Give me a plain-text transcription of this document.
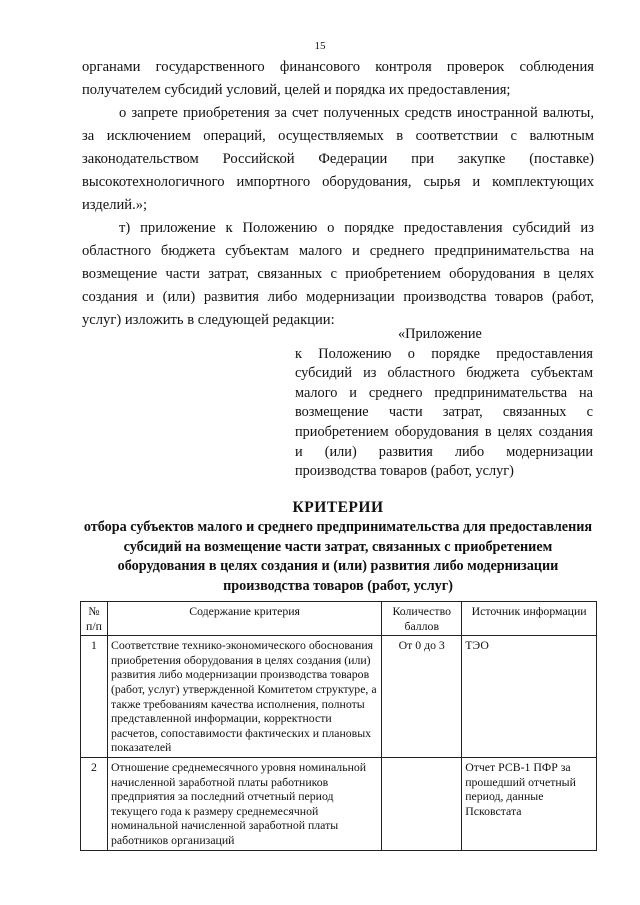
15

органами государственного финансового контроля проверок соблюдения получателем субсидий условий, целей и порядка их предоставления;

о запрете приобретения за счет полученных средств иностранной валюты, за исключением операций, осуществляемых в соответствии с валютным законодательством Российской Федерации при закупке (поставке) высокотехнологичного импортного оборудования, сырья и комплектующих изделий.»;

т) приложение к Положению о порядке предоставления субсидий из областного бюджета субъектам малого и среднего предпринимательства на возмещение части затрат, связанных с приобретением оборудования в целях создания и (или) развития либо модернизации производства товаров (работ, услуг) изложить в следующей редакции:

«Приложение

к Положению о порядке предоставления субсидий из областного бюджета субъектам малого и среднего предпринимательства на возмещение части затрат, связанных с приобретением оборудования в целях создания и (или) развития либо модернизации производства товаров (работ, услуг)

КРИТЕРИИ

отбора субъектов малого и среднего предпринимательства для предоставления субсидий на возмещение части затрат, связанных с приобретением оборудования в целях создания и (или) развития либо модернизации производства товаров (работ, услуг)

№ п/п	Содержание критерия	Количество баллов	Источник информации
1	Соответствие технико-экономического обоснования приобретения оборудования в целях создания (или) развития либо модернизации производства товаров (работ, услуг) утвержденной Комитетом структуре, а также требованиям качества исполнения, полноты представленной информации, корректности расчетов, сопоставимости фактических и плановых показателей	От 0 до 3	ТЭО
2	Отношение среднемесячного уровня номинальной начисленной заработной платы работников предприятия за последний отчетный период текущего года к размеру среднемесячной номинальной начисленной заработной платы работников организаций		Отчет РСВ-1 ПФР за прошедший отчетный период, данные Псковстата
